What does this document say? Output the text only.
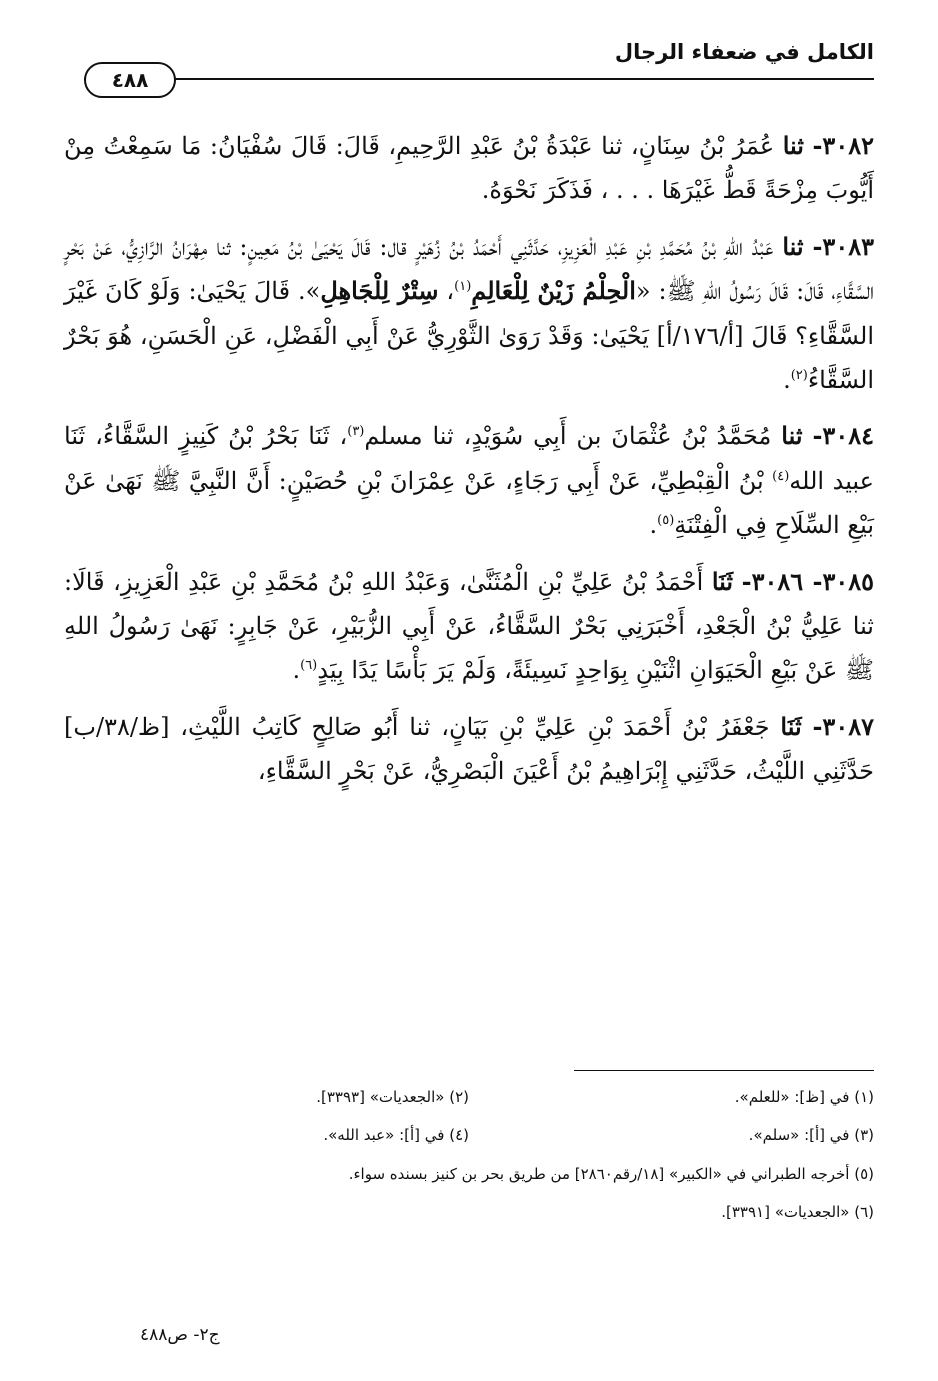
الكامل في ضعفاء الرجال
٤٨٨

٣٠٨٢- ثنا عُمَرُ بْنُ سِنَانٍ، ثنا عَبْدَةُ بْنُ عَبْدِ الرَّحِيمِ، قَالَ: قَالَ سُفْيَانُ: مَا سَمِعْتُ مِنْ أَيُّوبَ مِزْحَةً قَطُّ غَيْرَهَا . . . ، فَذَكَرَ نَحْوَهُ.

٣٠٨٣- ثنا عَبْدُ اللهِ بْنُ مُحَمَّدِ بْنِ عَبْدِ الْعَزِيزِ، حَدَّثَنِي أَحْمَدُ بْنُ زُهَيْرٍ قال: قَالَ يَحْيَىٰ بْنُ مَعِينٍ: ثنا مِهْرَانُ الرَّازِيُّ، عَنْ بَحْرٍ السَّقَّاءِ، قَالَ: قَالَ رَسُولُ اللهِ ﷺ: «الْحِلْمُ زَيْنٌ لِلْعَالِمِ$^{(١)}$، سِتْرٌ لِلْجَاهِلِ». قَالَ يَحْيَىٰ: وَلَوْ كَانَ غَيْرَ السَّقَّاءِ؟ قَالَ [أ/١٧٦/أ] يَحْيَىٰ: وَقَدْ رَوَىٰ الثَّوْرِيُّ عَنْ أَبِي الْفَضْلِ، عَنِ الْحَسَنِ، هُوَ بَحْرٌ السَّقَّاءُ$^{(٢)}$.

٣٠٨٤- ثنا مُحَمَّدُ بْنُ عُثْمَانَ بن أَبِي سُوَيْدٍ، ثنا مسلم$^{(٣)}$، ثَنَا بَحْرُ بْنُ كَنِيزٍ السَّقَّاءُ، ثَنَا عبيد الله$^{(٤)}$ بْنُ الْقِبْطِيِّ، عَنْ أَبِي رَجَاءٍ، عَنْ عِمْرَانَ بْنِ حُصَيْنٍ: أَنَّ النَّبِيَّ ﷺ نَهَىٰ عَنْ بَيْعِ السِّلَاحِ فِي الْفِتْنَةِ$^{(٥)}$.

٣٠٨٥- ٣٠٨٦- ثَنَا أَحْمَدُ بْنُ عَلِيِّ بْنِ الْمُثَنَّىٰ، وَعَبْدُ اللهِ بْنُ مُحَمَّدِ بْنِ عَبْدِ الْعَزِيزِ، قَالَا: ثنا عَلِيُّ بْنُ الْجَعْدِ، أَخْبَرَنِي بَحْرٌ السَّقَّاءُ، عَنْ أَبِي الزُّبَيْرِ، عَنْ جَابِرٍ: نَهَىٰ رَسُولُ اللهِ ﷺ عَنْ بَيْعِ الْحَيَوَانِ اثْنَيْنِ بِوَاحِدٍ نَسِيئَةً، وَلَمْ يَرَ بَأْسًا يَدًا بِيَدٍ$^{(٦)}$.

٣٠٨٧- ثَنَا جَعْفَرُ بْنُ أَحْمَدَ بْنِ عَلِيِّ بْنِ بَيَانٍ، ثنا أَبُو صَالِحٍ كَاتِبُ اللَّيْثِ، [ظ/٣٨/ب] حَدَّثَنِي اللَّيْثُ، حَدَّثَنِي إِبْرَاهِيمُ بْنُ أَعْيَنَ الْبَصْرِيُّ، عَنْ بَحْرٍ السَّقَّاءِ،

(١) في [ظ]: «للعلم».
(٢) «الجعديات» [٣٣٩٣].
(٣) في [أ]: «سلم».
(٤) في [أ]: «عبد الله».
(٥) أخرجه الطبراني في «الكبير» [١٨/رقم٢٨٦٠] من طريق بحر بن كنيز بسنده سواء.
(٦) «الجعديات» [٣٣٩١].
ج٢- ص٤٨٨
